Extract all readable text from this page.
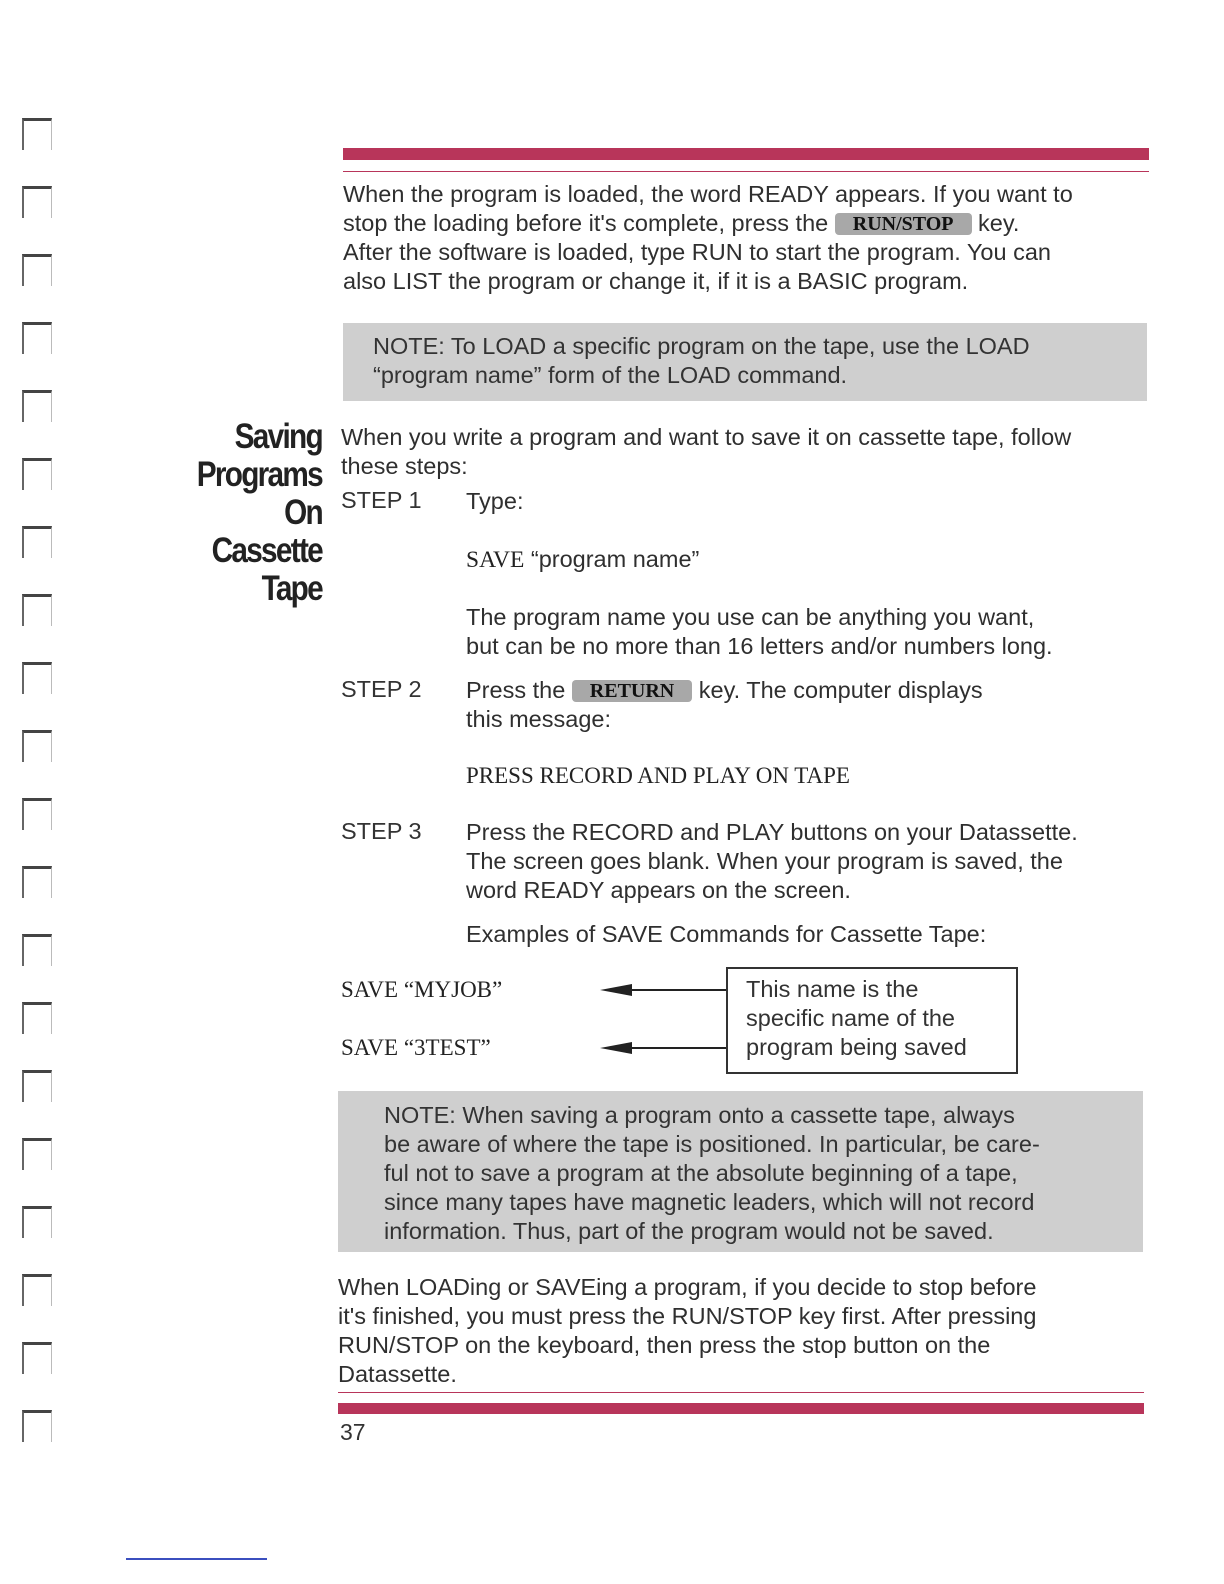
When the program is loaded, the word READY appears. If you want to
stop the loading before it's complete, press the RUN/STOP key.
After the software is loaded, type RUN to start the program. You can
also LIST the program or change it, if it is a BASIC program.
NOTE: To LOAD a specific program on the tape, use the LOAD
“program name” form of the LOAD command.
Saving
Programs
On
Cassette
Tape
When you write a program and want to save it on cassette tape, follow
these steps:
STEP 1 Type:
SAVE “program name”
The program name you use can be anything you want,
but can be no more than 16 letters and/or numbers long.
STEP 2 Press the RETURN key. The computer displays
this message:
PRESS RECORD AND PLAY ON TAPE
STEP 3 Press the RECORD and PLAY buttons on your Datassette.
The screen goes blank. When your program is saved, the
word READY appears on the screen.
Examples of SAVE Commands for Cassette Tape:
SAVE “MYJOB”
SAVE “3TEST”
This name is the
specific name of the
program being saved
NOTE: When saving a program onto a cassette tape, always
be aware of where the tape is positioned. In particular, be care-
ful not to save a program at the absolute beginning of a tape,
since many tapes have magnetic leaders, which will not record
information. Thus, part of the program would not be saved.
When LOADing or SAVEing a program, if you decide to stop before
it's finished, you must press the RUN/STOP key first. After pressing
RUN/STOP on the keyboard, then press the stop button on the
Datassette.
37
